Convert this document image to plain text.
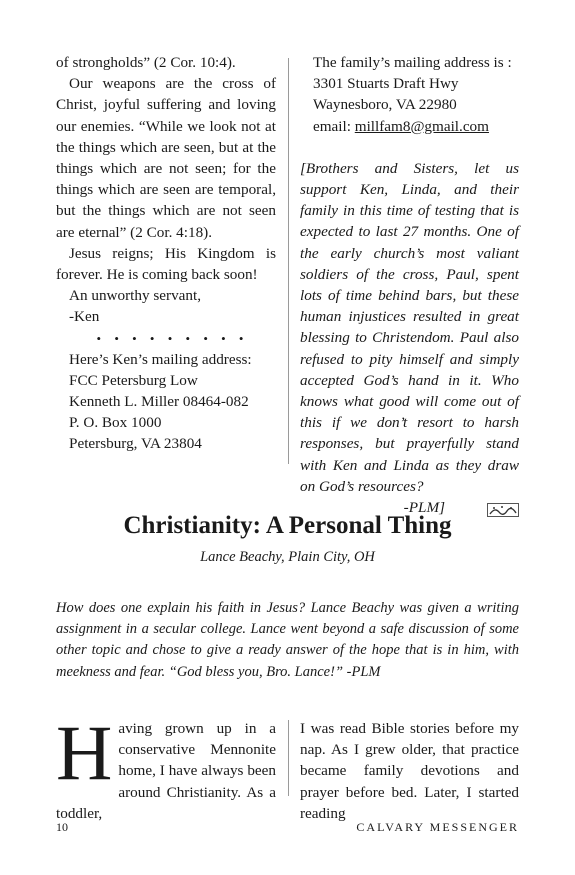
of strongholds” (2 Cor. 10:4).

Our weapons are the cross of Christ, joyful suffering and loving our enemies. “While we look not at the things which are seen, but at the things which are not seen; for the things which are seen are temporal, but the things which are not seen are eternal” (2 Cor. 4:18).

Jesus reigns; His Kingdom is forever. He is coming back soon!

An unworthy servant,

-Ken

• • • • • • • • •

Here’s Ken’s mailing address:

FCC Petersburg Low

Kenneth L. Miller 08464-082

P. O. Box 1000

Petersburg, VA 23804

The family’s mailing address is :

3301 Stuarts Draft Hwy

Waynesboro, VA 22980

email: millfam8@gmail.com

[Brothers and Sisters, let us support Ken, Linda, and their family in this time of testing that is expected to last 27 months. One of the early church’s most valiant soldiers of the cross, Paul, spent lots of time behind bars, but these human injustices resulted in great blessing to Christendom. Paul also refused to pity himself and simply accepted God’s hand in it. Who knows what good will come out of this if we don’t resort to harsh responses, but prayerfully stand with Ken and Linda as they draw on God’s resources?

-PLM]

Christianity: A Personal Thing
Lance Beachy, Plain City, OH
How does one explain his faith in Jesus? Lance Beachy was given a writing assignment in a secular college. Lance went beyond a safe discussion of some other topic and chose to give a ready answer of the hope that is in him, with meekness and fear. “God bless you, Bro. Lance!” -PLM
H aving grown up in a conservative Mennonite home, I have always been around Christianity. As a toddler,
I was read Bible stories before my nap. As I grew older, that practice became family devotions and prayer before bed. Later, I started reading
10	CALVARY MESSENGER
